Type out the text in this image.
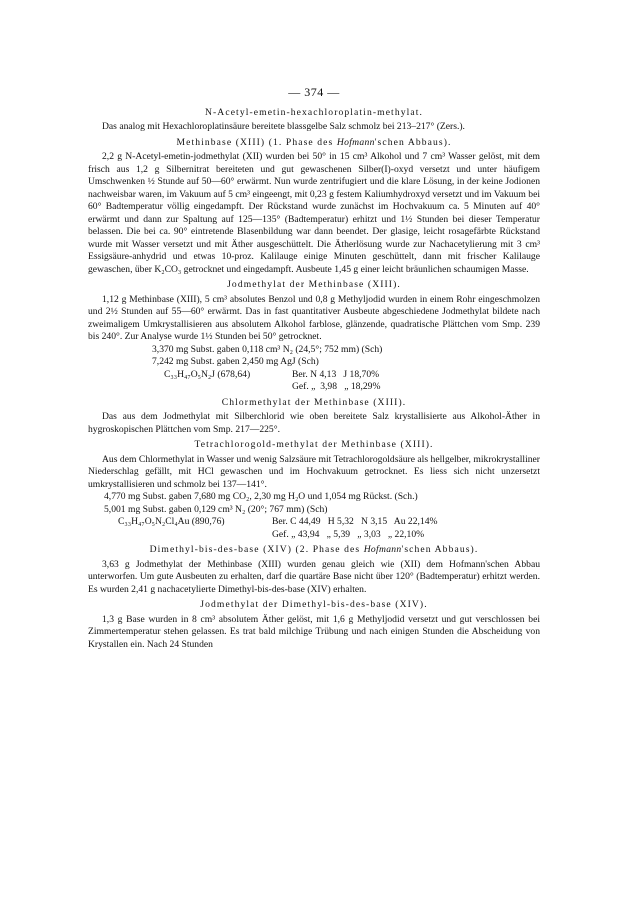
— 374 —
N-Acetyl-emetin-hexachloroplatin-methylat.

Das analog mit Hexachloroplatinsäure bereitete blassgelbe Salz schmolz bei 213–217° (Zers.).

Methinbase (XIII) (1. Phase des Hofmann'schen Abbaus).

2,2 g N-Acetyl-emetin-jodmethylat (XII) wurden bei 50° in 15 cm³ Alkohol und 7 cm³ Wasser gelöst, mit dem frisch aus 1,2 g Silbernitrat bereiteten und gut gewaschenen Silber(I)-oxyd versetzt und unter häufigem Umschwenken ½ Stunde auf 50—60° erwärmt. Nun wurde zentrifugiert und die klare Lösung, in der keine Jodionen nachweisbar waren, im Vakuum auf 5 cm³ eingeengt, mit 0,23 g festem Kaliumhydroxyd versetzt und im Vakuum bei 60° Badtemperatur völlig eingedampft. Der Rückstand wurde zunächst im Hochvakuum ca. 5 Minuten auf 40° erwärmt und dann zur Spaltung auf 125—135° (Badtemperatur) erhitzt und 1½ Stunden bei dieser Temperatur belassen. Die bei ca. 90° eintretende Blasenbildung war dann beendet. Der glasige, leicht rosagefärbte Rückstand wurde mit Wasser versetzt und mit Äther ausgeschüttelt. Die Ätherlösung wurde zur Nachacetylierung mit 3 cm³ Essigsäure-anhydrid und etwas 10-proz. Kalilauge einige Minuten geschüttelt, dann mit frischer Kalilauge gewaschen, über K₂CO₃ getrocknet und eingedampft. Ausbeute 1,45 g einer leicht bräunlichen schaumigen Masse.

Jodmethylat der Methinbase (XIII).

1,12 g Methinbase (XIII), 5 cm³ absolutes Benzol und 0,8 g Methyljodid wurden in einem Rohr eingeschmolzen und 2½ Stunden auf 55—60° erwärmt. Das in fast quantitativer Ausbeute abgeschiedene Jodmethylat bildete nach zweimaligem Umkrystallisieren aus absolutem Alkohol farblose, glänzende, quadratische Plättchen vom Smp. 239 bis 240°. Zur Analyse wurde 1½ Stunden bei 50° getrocknet.

3,370 mg Subst. gaben 0,118 cm³ N₂ (24,5°; 752 mm) (Sch)
7,242 mg Subst. gaben 2,450 mg AgJ (Sch)
C₃₃H₄₇O₅N₂J (678,64)	Ber. N 4,13   J 18,70%
Gef. „  3,98   „ 18,29%
Chlormethylat der Methinbase (XIII).

Das aus dem Jodmethylat mit Silberchlorid wie oben bereitete Salz krystallisierte aus Alkohol-Äther in hygroskopischen Plättchen vom Smp. 217—225°.

Tetrachlorogold-methylat der Methinbase (XIII).

Aus dem Chlormethylat in Wasser und wenig Salzsäure mit Tetrachlorogoldsäure als hellgelber, mikrokrystalliner Niederschlag gefällt, mit HCl gewaschen und im Hochvakuum getrocknet. Es liess sich nicht unzersetzt umkrystallisieren und schmolz bei 137—141°.

4,770 mg Subst. gaben 7,680 mg CO₂, 2,30 mg H₂O und 1,054 mg Rückst. (Sch.)
5,001 mg Subst. gaben 0,129 cm³ N₂ (20°; 767 mm) (Sch)
C₃₃H₄₇O₅N₂Cl₄Au (890,76)	Ber. C 44,49   H 5,32   N 3,15   Au 22,14%
Gef. „ 43,94   „ 5,39   „ 3,03   „ 22,10%
Dimethyl-bis-des-base (XIV) (2. Phase des Hofmann'schen Abbaus).

3,63 g Jodmethylat der Methinbase (XIII) wurden genau gleich wie (XII) dem Hofmann'schen Abbau unterworfen. Um gute Ausbeuten zu erhalten, darf die quartäre Base nicht über 120° (Badtemperatur) erhitzt werden. Es wurden 2,41 g nachacetylierte Dimethyl-bis-des-base (XIV) erhalten.

Jodmethylat der Dimethyl-bis-des-base (XIV).

1,3 g Base wurden in 8 cm³ absolutem Äther gelöst, mit 1,6 g Methyljodid versetzt und gut verschlossen bei Zimmertemperatur stehen gelassen. Es trat bald milchige Trübung und nach einigen Stunden die Abscheidung von Krystallen ein. Nach 24 Stunden
